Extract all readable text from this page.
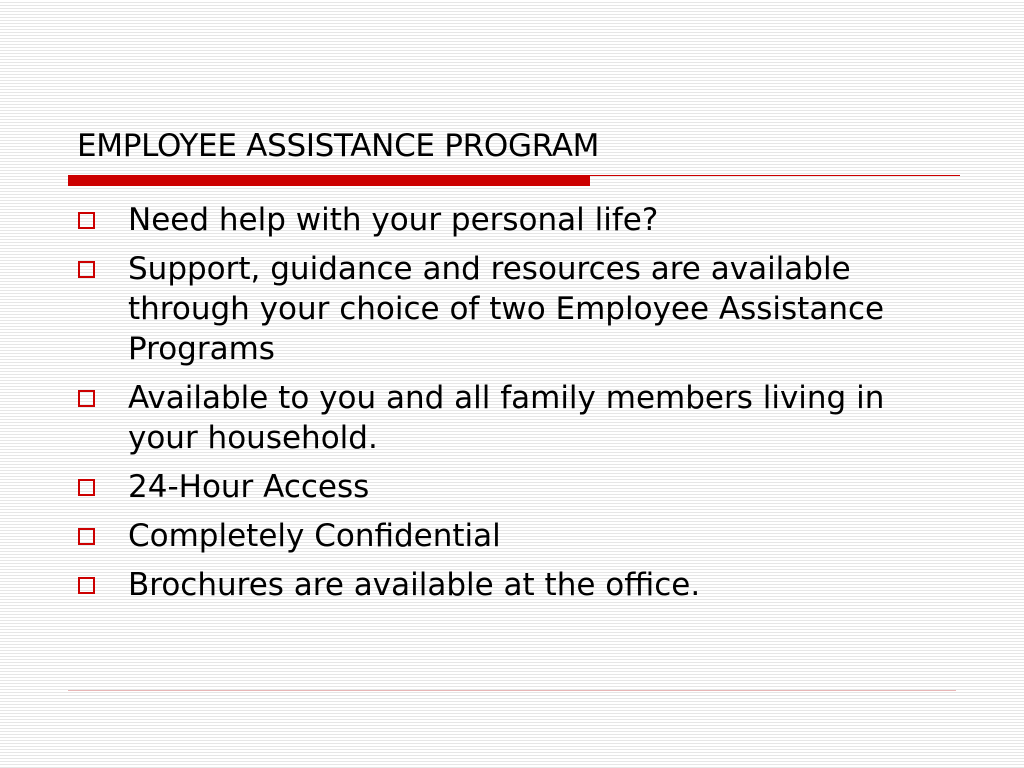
EMPLOYEE ASSISTANCE PROGRAM
Need help with your personal life?
Support, guidance and resources are available through your choice of two Employee Assistance Programs
Available to you and all family members living in your household.
24-Hour Access
Completely Confidential
Brochures are available at the office.
